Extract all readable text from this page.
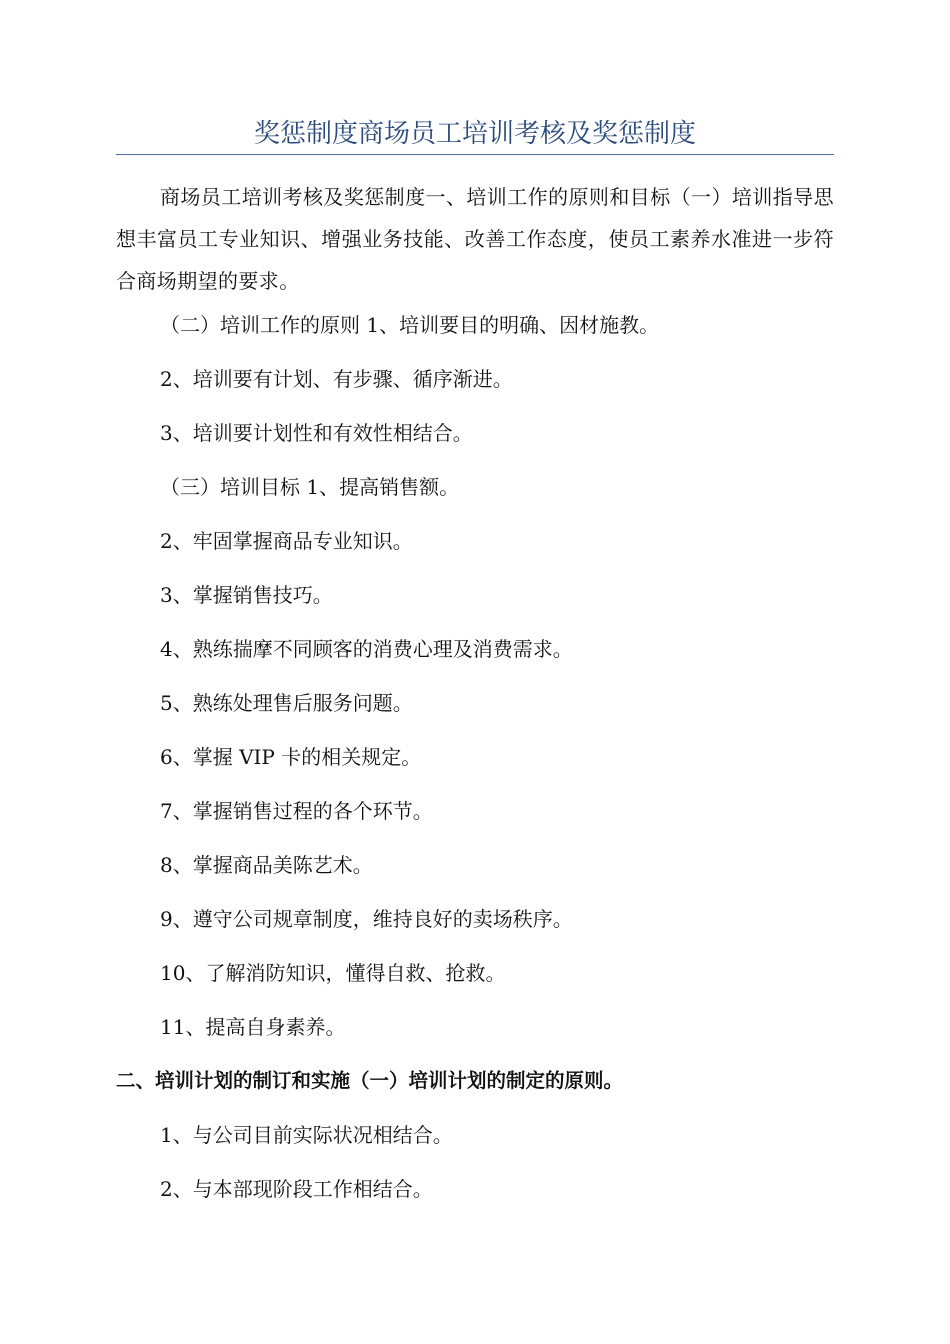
奖惩制度商场员工培训考核及奖惩制度
商场员工培训考核及奖惩制度一、培训工作的原则和目标（一）培训指导思想丰富员工专业知识、增强业务技能、改善工作态度，使员工素养水准进一步符合商场期望的要求。
（二）培训工作的原则 1、培训要目的明确、因材施教。
2、培训要有计划、有步骤、循序渐进。
3、培训要计划性和有效性相结合。
（三）培训目标 1、提高销售额。
2、牢固掌握商品专业知识。
3、掌握销售技巧。
4、熟练揣摩不同顾客的消费心理及消费需求。
5、熟练处理售后服务问题。
6、掌握 VIP 卡的相关规定。
7、掌握销售过程的各个环节。
8、掌握商品美陈艺术。
9、遵守公司规章制度，维持良好的卖场秩序。
10、了解消防知识，懂得自救、抢救。
11、提高自身素养。
二、培训计划的制订和实施（一）培训计划的制定的原则。
1、与公司目前实际状况相结合。
2、与本部现阶段工作相结合。
